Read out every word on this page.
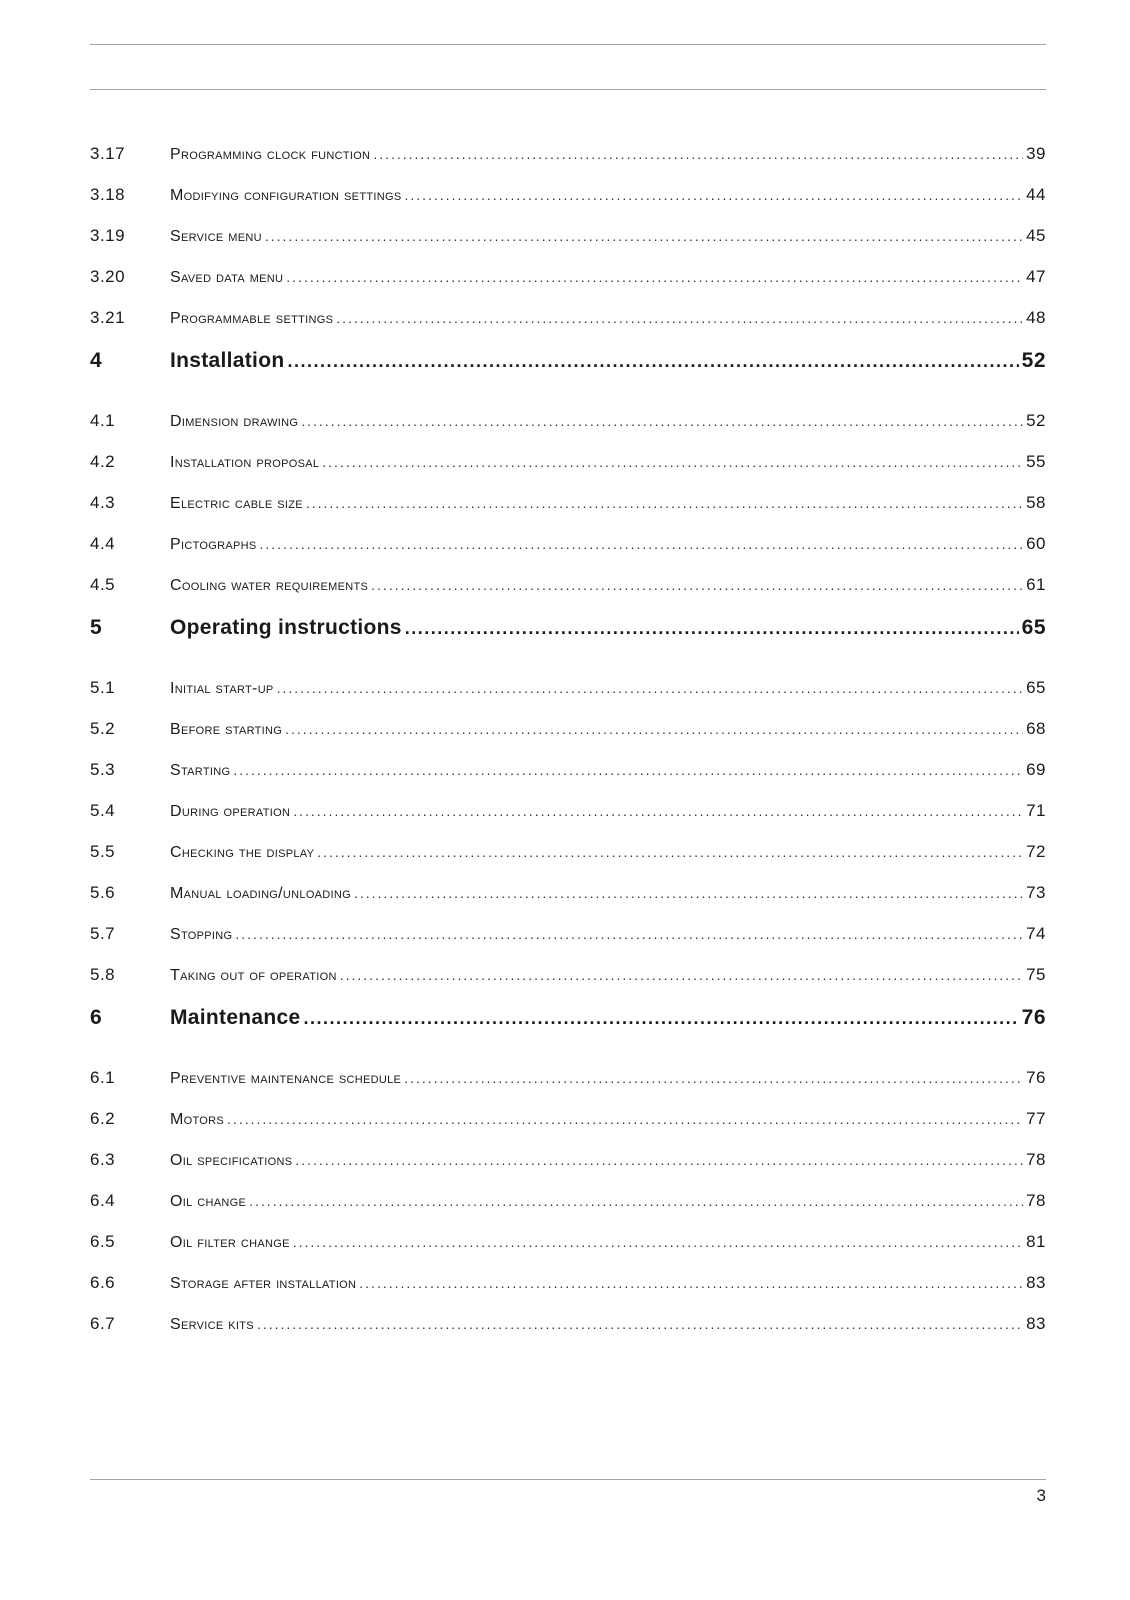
3.17	Programming clock function .....	39
3.18	Modifying configuration settings .....	44
3.19	Service menu .....	45
3.20	Saved data menu .....	47
3.21	Programmable settings .....	48
4	Installation .....	52
4.1	Dimension drawing .....	52
4.2	Installation proposal .....	55
4.3	Electric cable size .....	58
4.4	Pictographs .....	60
4.5	Cooling water requirements .....	61
5	Operating instructions .....	65
5.1	Initial start-up .....	65
5.2	Before starting .....	68
5.3	Starting .....	69
5.4	During operation .....	71
5.5	Checking the display .....	72
5.6	Manual loading/unloading .....	73
5.7	Stopping .....	74
5.8	Taking out of operation .....	75
6	Maintenance .....	76
6.1	Preventive maintenance schedule .....	76
6.2	Motors .....	77
6.3	Oil specifications .....	78
6.4	Oil change .....	78
6.5	Oil filter change .....	81
6.6	Storage after installation .....	83
6.7	Service kits .....	83
3
